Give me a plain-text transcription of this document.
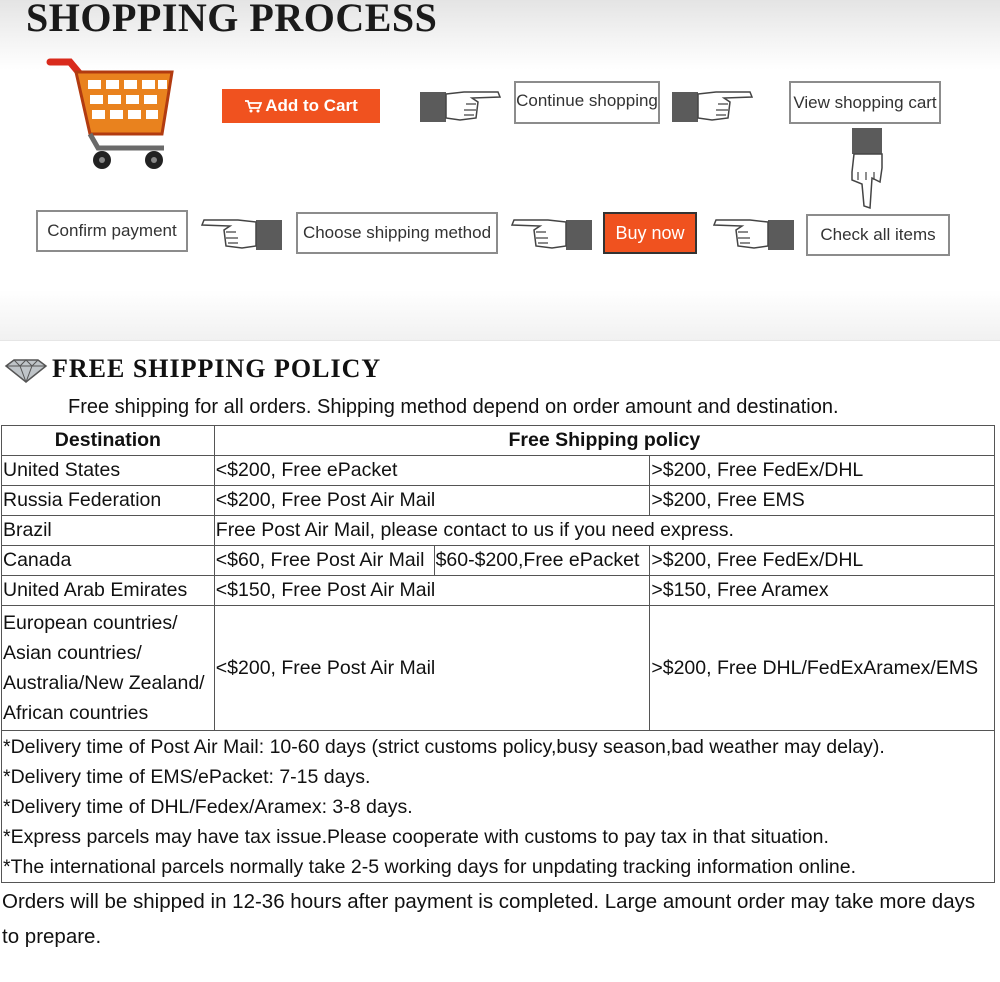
SHOPPING PROCESS
Add to Cart	Continue shopping	View shopping cart
Confirm payment	Choose shipping method	Buy now	Check all items
FREE SHIPPING POLICY
Free shipping for all orders. Shipping method depend on order amount and destination.
Destination	Free Shipping policy		
United States	<$200, Free ePacket		>$200, Free FedEx/DHL
Russia Federation	<$200, Free Post Air Mail		>$200, Free EMS
Brazil	Free Post Air Mail, please contact to us if you need express.		
Canada	<$60, Free Post Air Mail	$60-$200,Free ePacket	>$200, Free FedEx/DHL
United Arab Emirates	<$150, Free Post Air Mail		>$150, Free Aramex

European countries/
Asian countries/
Australia/New Zealand/
African countries	<$200, Free Post Air Mail		>$200, Free DHL/FedExAramex/EMS

*Delivery time of Post Air Mail: 10-60 days (strict customs policy,busy season,bad weather may delay).
*Delivery time of EMS/ePacket: 7-15 days.
*Delivery time of DHL/Fedex/Aramex: 3-8 days.
*Express parcels may have tax issue.Please cooperate with customs to pay tax in that situation.
*The international parcels normally take 2-5 working days for unpdating tracking information online.			
Orders will be shipped in 12-36 hours after payment is completed. Large amount order may take more days to prepare.
